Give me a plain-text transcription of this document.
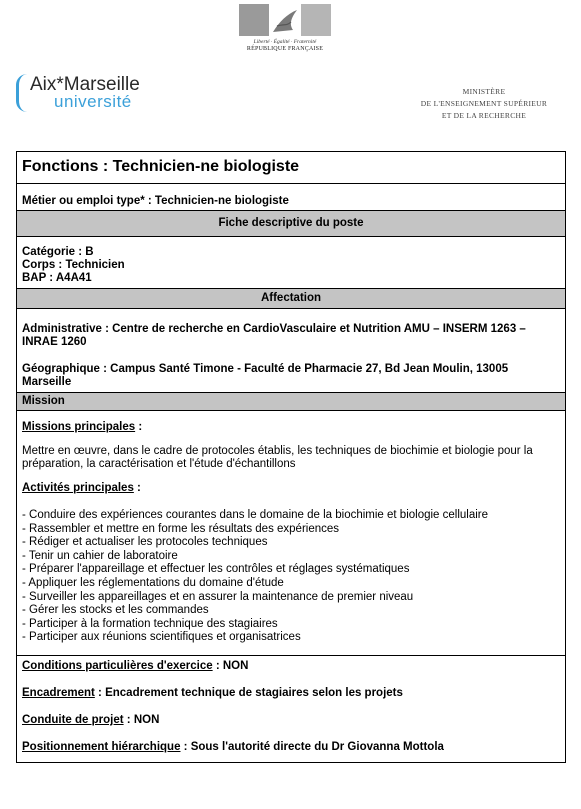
Liberté · Égalité · Fraternité
RÉPUBLIQUE FRANÇAISE
Aix*Marseille
université
MINISTÈRE
DE L'ENSEIGNEMENT SUPÉRIEUR
ET DE LA RECHERCHE
Fonctions : Technicien-ne biologiste
Métier ou emploi type* : Technicien-ne biologiste
Fiche descriptive du poste
Catégorie : B
Corps : Technicien
BAP : A4A41
Affectation
Administrative : Centre de recherche en CardioVasculaire et Nutrition AMU – INSERM 1263 – INRAE 1260
Géographique : Campus Santé Timone - Faculté de Pharmacie 27, Bd Jean Moulin, 13005 Marseille
Mission
Missions principales :
Mettre en œuvre, dans le cadre de protocoles établis, les techniques de biochimie et biologie pour la préparation, la caractérisation et l'étude d'échantillons
Activités principales :
- Conduire des expériences courantes dans le domaine de la biochimie et biologie cellulaire
- Rassembler et mettre en forme les résultats des expériences
- Rédiger et actualiser les protocoles techniques
- Tenir un cahier de laboratoire
- Préparer l'appareillage et effectuer les contrôles et réglages systématiques
- Appliquer les réglementations du domaine d'étude
- Surveiller les appareillages et en assurer la maintenance de premier niveau
- Gérer les stocks et les commandes
- Participer à la formation technique des stagiaires
- Participer aux réunions scientifiques et organisatrices
Conditions particulières d'exercice : NON
Encadrement : Encadrement technique de stagiaires selon les projets
Conduite de projet : NON
Positionnement hiérarchique : Sous l'autorité directe du Dr Giovanna Mottola
